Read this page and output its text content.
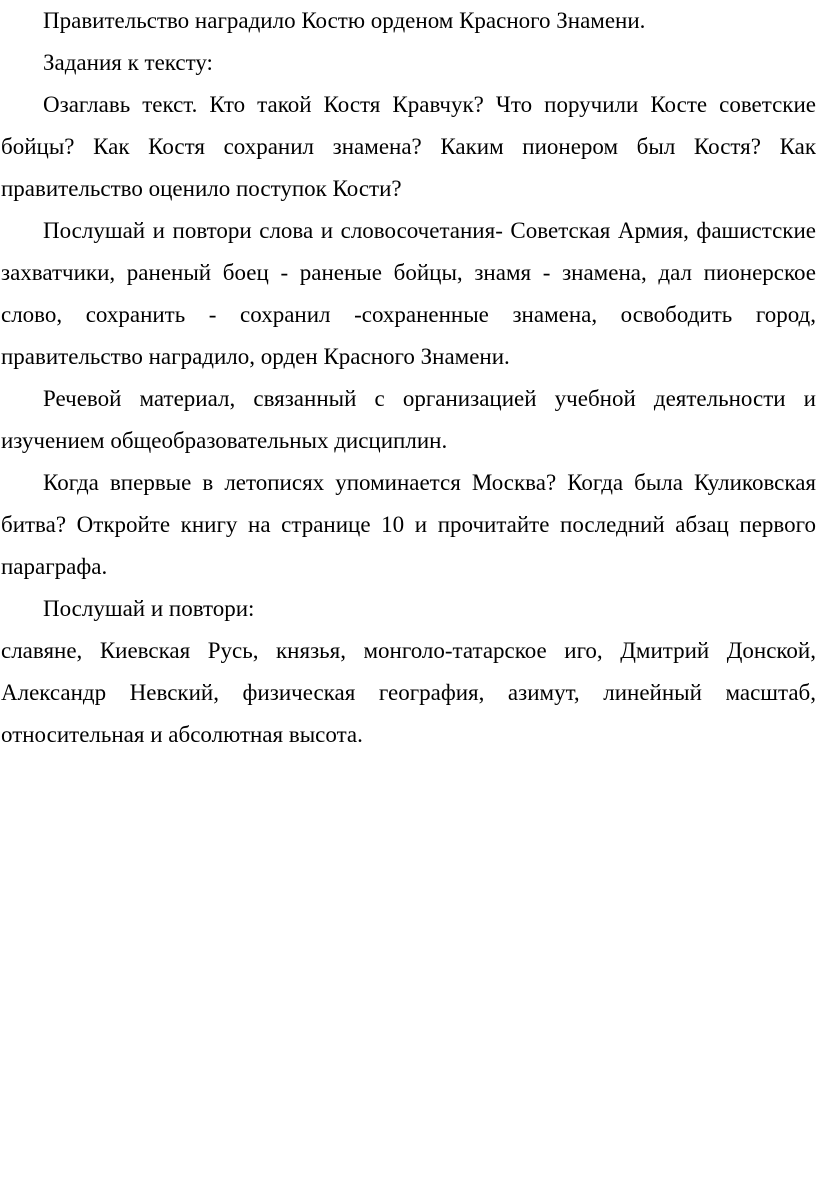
Правительство наградило Костю орденом Красного Знамени.

Задания к тексту:

Озаглавь текст. Кто такой Костя Кравчук? Что поручили Косте советские бойцы? Как Костя сохранил знамена? Каким пионером был Костя? Как правительство оценило поступок Кости?

Послушай и повтори слова и словосочетания- Советская Армия, фашистские захватчики, раненый боец - раненые бойцы, знамя - знамена, дал пионерское слово, сохранить - сохранил -сохраненные знамена, освободить город, правительство наградило, орден Красного Знамени.

Речевой материал, связанный с организацией учебной деятельности и изучением общеобразовательных дисциплин.

Когда впервые в летописях упоминается Москва? Когда была Куликовская битва? Откройте книгу на странице 10 и прочитайте последний абзац первого параграфа.

Послушай и повтори:

славяне, Киевская Русь, князья, монголо-татарское иго, Дмитрий Донской, Александр Невский, физическая география, азимут, линейный масштаб, относительная и абсолютная высота.
